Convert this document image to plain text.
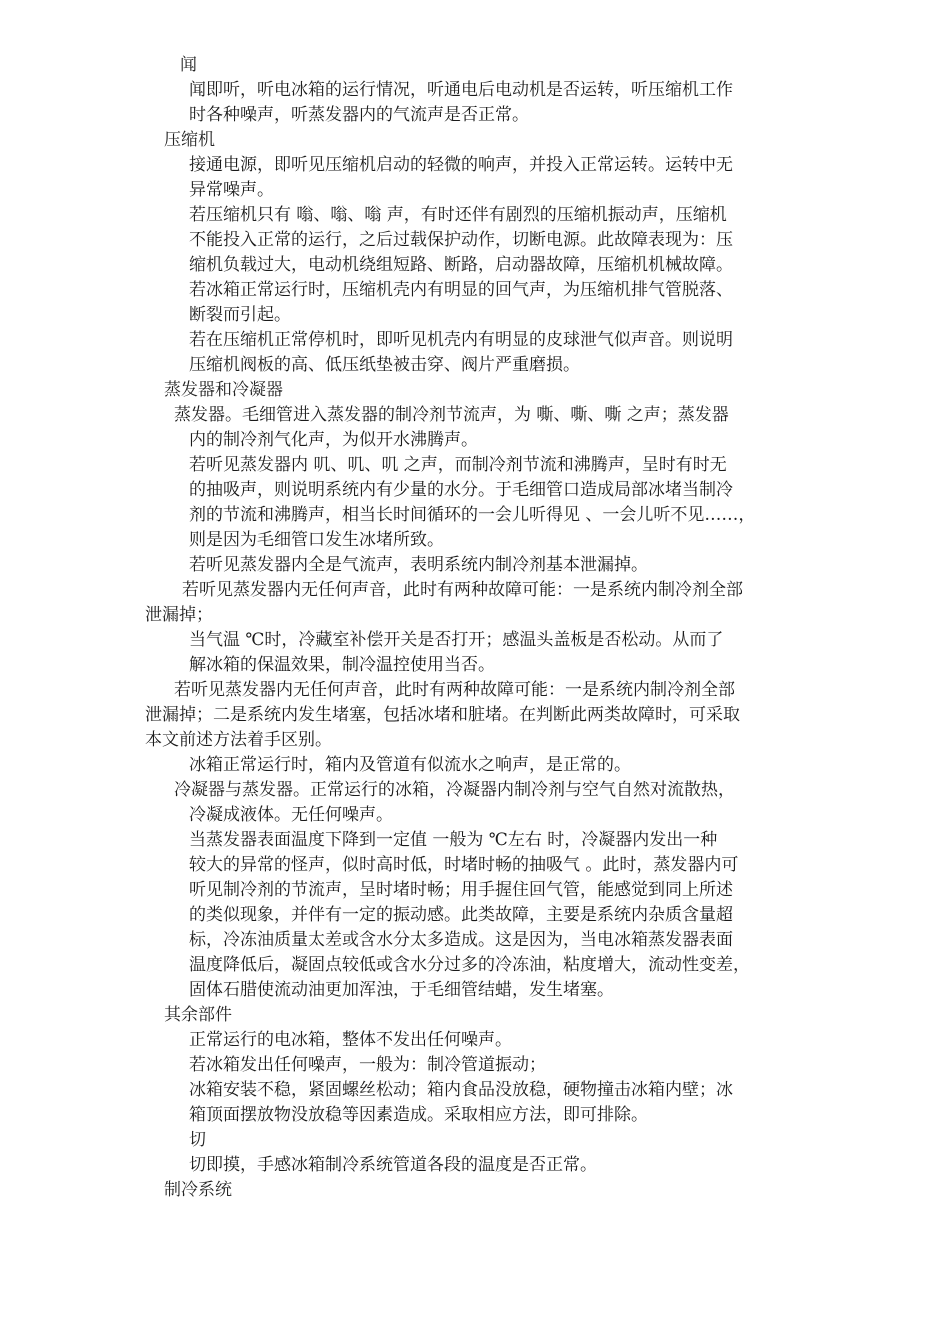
闻
闻即听，听电冰箱的运行情况，听通电后电动机是否运转，听压缩机工作
时各种噪声，听蒸发器内的气流声是否正常。
压缩机
接通电源，即听见压缩机启动的轻微的响声，并投入正常运转。运转中无
异常噪声。
若压缩机只有 嗡、嗡、嗡 声，有时还伴有剧烈的压缩机振动声，压缩机
不能投入正常的运行，之后过载保护动作，切断电源。此故障表现为：压
缩机负载过大，电动机绕组短路、断路，启动器故障，压缩机机械故障。
若冰箱正常运行时，压缩机壳内有明显的回气声，为压缩机排气管脱落、
断裂而引起。
若在压缩机正常停机时，即听见机壳内有明显的皮球泄气似声音。则说明
压缩机阀板的高、低压纸垫被击穿、阀片严重磨损。
蒸发器和冷凝器
蒸发器。毛细管进入蒸发器的制冷剂节流声，为 嘶、嘶、嘶 之声；蒸发器
内的制冷剂气化声，为似开水沸腾声。
若听见蒸发器内 叽、叽、叽 之声，而制冷剂节流和沸腾声，呈时有时无
的抽吸声，则说明系统内有少量的水分。于毛细管口造成局部冰堵当制冷
剂的节流和沸腾声，相当长时间循环的一会儿听得见 、一会儿听不见……，
则是因为毛细管口发生冰堵所致。
若听见蒸发器内全是气流声，表明系统内制冷剂基本泄漏掉。
若听见蒸发器内无任何声音，此时有两种故障可能：一是系统内制冷剂全部
泄漏掉；
当气温 ℃时，冷藏室补偿开关是否打开；感温头盖板是否松动。从而了
解冰箱的保温效果，制冷温控使用当否。
若听见蒸发器内无任何声音，此时有两种故障可能：一是系统内制冷剂全部
泄漏掉；二是系统内发生堵塞，包括冰堵和脏堵。在判断此两类故障时，可采取
本文前述方法着手区别。
冰箱正常运行时，箱内及管道有似流水之响声，是正常的。
冷凝器与蒸发器。正常运行的冰箱，冷凝器内制冷剂与空气自然对流散热，
冷凝成液体。无任何噪声。
当蒸发器表面温度下降到一定值 一般为 ℃左右 时，冷凝器内发出一种
较大的异常的怪声，似时高时低，时堵时畅的抽吸气 。此时，蒸发器内可
听见制冷剂的节流声，呈时堵时畅；用手握住回气管，能感觉到同上所述
的类似现象，并伴有一定的振动感。此类故障，主要是系统内杂质含量超
标，冷冻油质量太差或含水分太多造成。这是因为，当电冰箱蒸发器表面
温度降低后，凝固点较低或含水分过多的冷冻油，粘度增大，流动性变差，
固体石腊使流动油更加浑浊，于毛细管结蜡，发生堵塞。
其余部件
正常运行的电冰箱，整体不发出任何噪声。
若冰箱发出任何噪声，一般为：制冷管道振动；
冰箱安装不稳，紧固螺丝松动；箱内食品没放稳，硬物撞击冰箱内壁；冰
箱顶面摆放物没放稳等因素造成。采取相应方法，即可排除。
切
切即摸，手感冰箱制冷系统管道各段的温度是否正常。
制冷系统
